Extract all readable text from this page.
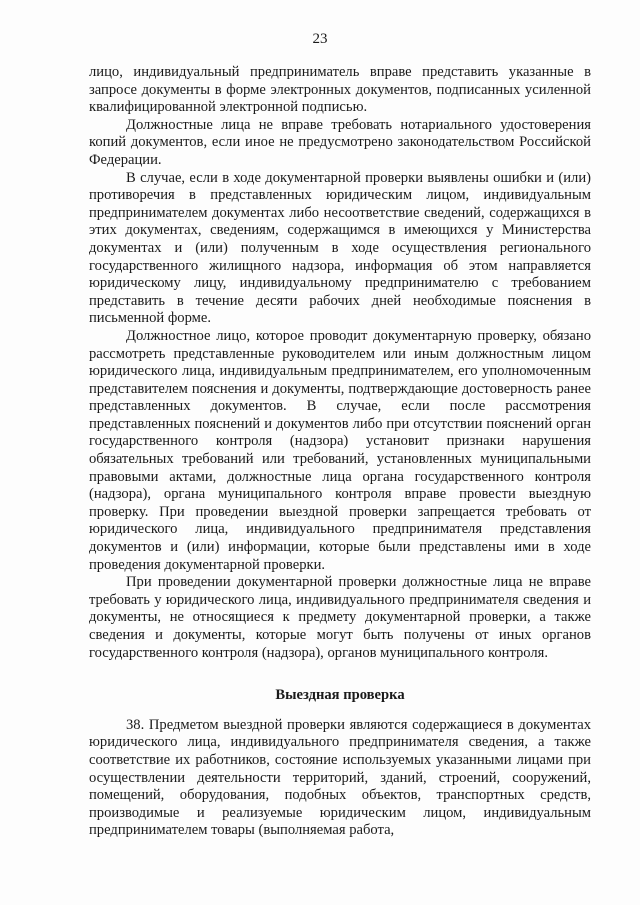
23

лицо, индивидуальный предприниматель вправе представить указанные в запросе документы в форме электронных документов, подписанных усиленной квалифицированной электронной подписью.

Должностные лица не вправе требовать нотариального удостоверения копий документов, если иное не предусмотрено законодательством Российской Федерации.

В случае, если в ходе документарной проверки выявлены ошибки и (или) противоречия в представленных юридическим лицом, индивидуальным предпринимателем документах либо несоответствие сведений, содержащихся в этих документах, сведениям, содержащимся в имеющихся у Министерства документах и (или) полученным в ходе осуществления регионального государственного жилищного надзора, информация об этом направляется юридическому лицу, индивидуальному предпринимателю с требованием представить в течение десяти рабочих дней необходимые пояснения в письменной форме.

Должностное лицо, которое проводит документарную проверку, обязано рассмотреть представленные руководителем или иным должностным лицом юридического лица, индивидуальным предпринимателем, его уполномоченным представителем пояснения и документы, подтверждающие достоверность ранее представленных документов. В случае, если после рассмотрения представленных пояснений и документов либо при отсутствии пояснений орган государственного контроля (надзора) установит признаки нарушения обязательных требований или требований, установленных муниципальными правовыми актами, должностные лица органа государственного контроля (надзора), органа муниципального контроля вправе провести выездную проверку. При проведении выездной проверки запрещается требовать от юридического лица, индивидуального предпринимателя представления документов и (или) информации, которые были представлены ими в ходе проведения документарной проверки.

При проведении документарной проверки должностные лица не вправе требовать у юридического лица, индивидуального предпринимателя сведения и документы, не относящиеся к предмету документарной проверки, а также сведения и документы, которые могут быть получены от иных органов государственного контроля (надзора), органов муниципального контроля.

Выездная проверка

38. Предметом выездной проверки являются содержащиеся в документах юридического лица, индивидуального предпринимателя сведения, а также соответствие их работников, состояние используемых указанными лицами при осуществлении деятельности территорий, зданий, строений, сооружений, помещений, оборудования, подобных объектов, транспортных средств, производимые и реализуемые юридическим лицом, индивидуальным предпринимателем товары (выполняемая работа,
